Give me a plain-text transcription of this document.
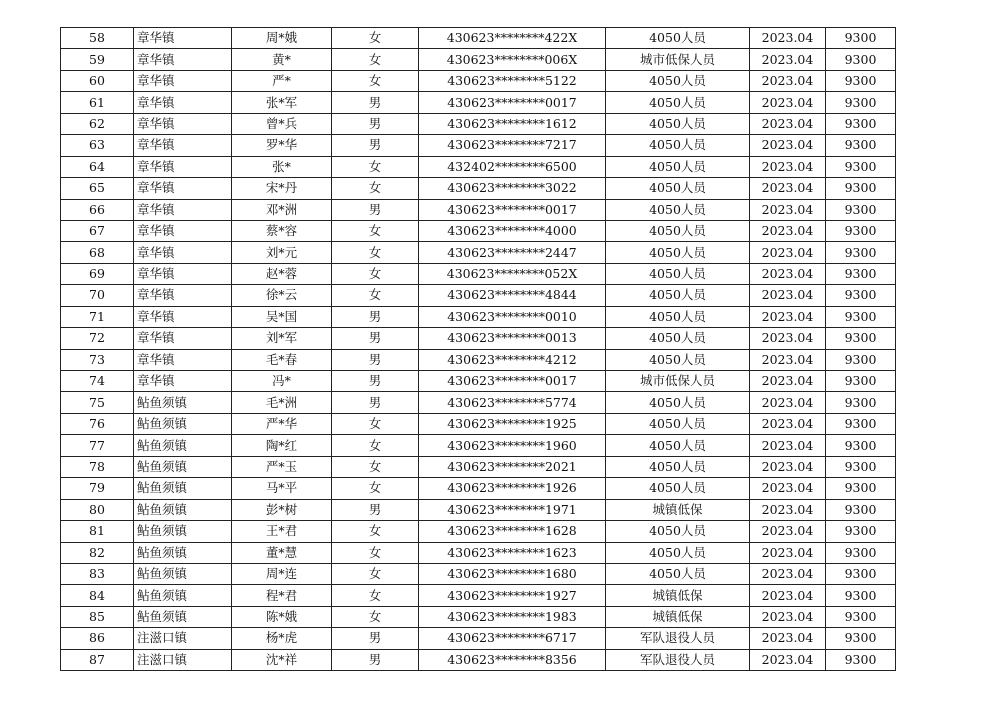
58	章华镇	周*娥	女	430623********422X	4050人员	2023.04	9300
59	章华镇	黄*	女	430623********006X	城市低保人员	2023.04	9300
60	章华镇	严*	女	430623********5122	4050人员	2023.04	9300
61	章华镇	张*军	男	430623********0017	4050人员	2023.04	9300
62	章华镇	曾*兵	男	430623********1612	4050人员	2023.04	9300
63	章华镇	罗*华	男	430623********7217	4050人员	2023.04	9300
64	章华镇	张*	女	432402********6500	4050人员	2023.04	9300
65	章华镇	宋*丹	女	430623********3022	4050人员	2023.04	9300
66	章华镇	邓*洲	男	430623********0017	4050人员	2023.04	9300
67	章华镇	蔡*容	女	430623********4000	4050人员	2023.04	9300
68	章华镇	刘*元	女	430623********2447	4050人员	2023.04	9300
69	章华镇	赵*蓉	女	430623********052X	4050人员	2023.04	9300
70	章华镇	徐*云	女	430623********4844	4050人员	2023.04	9300
71	章华镇	吴*国	男	430623********0010	4050人员	2023.04	9300
72	章华镇	刘*军	男	430623********0013	4050人员	2023.04	9300
73	章华镇	毛*春	男	430623********4212	4050人员	2023.04	9300
74	章华镇	冯*	男	430623********0017	城市低保人员	2023.04	9300
75	鲇鱼须镇	毛*洲	男	430623********5774	4050人员	2023.04	9300
76	鲇鱼须镇	严*华	女	430623********1925	4050人员	2023.04	9300
77	鲇鱼须镇	陶*红	女	430623********1960	4050人员	2023.04	9300
78	鲇鱼须镇	严*玉	女	430623********2021	4050人员	2023.04	9300
79	鲇鱼须镇	马*平	女	430623********1926	4050人员	2023.04	9300
80	鲇鱼须镇	彭*树	男	430623********1971	城镇低保	2023.04	9300
81	鲇鱼须镇	王*君	女	430623********1628	4050人员	2023.04	9300
82	鲇鱼须镇	董*慧	女	430623********1623	4050人员	2023.04	9300
83	鲇鱼须镇	周*连	女	430623********1680	4050人员	2023.04	9300
84	鲇鱼须镇	程*君	女	430623********1927	城镇低保	2023.04	9300
85	鲇鱼须镇	陈*娥	女	430623********1983	城镇低保	2023.04	9300
86	注滋口镇	杨*虎	男	430623********6717	军队退役人员	2023.04	9300
87	注滋口镇	沈*祥	男	430623********8356	军队退役人员	2023.04	9300
